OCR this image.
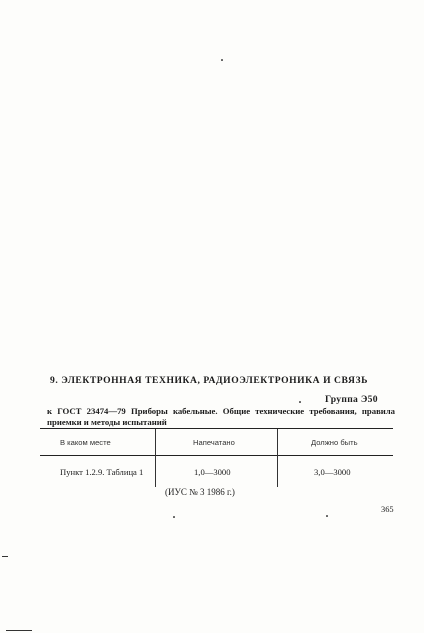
9. ЭЛЕКТРОННАЯ ТЕХНИКА, РАДИОЭЛЕКТРОНИКА И СВЯЗЬ
Группа Э50
к ГОСТ 23474—79 Приборы кабельные. Общие технические требования, правила приемки и методы испытаний
В каком месте	Напечатано	Должно быть
Пункт 1.2.9. Таблица 1	1,0—3000	3,0—3000
(ИУС № 3 1986 г.)
365
